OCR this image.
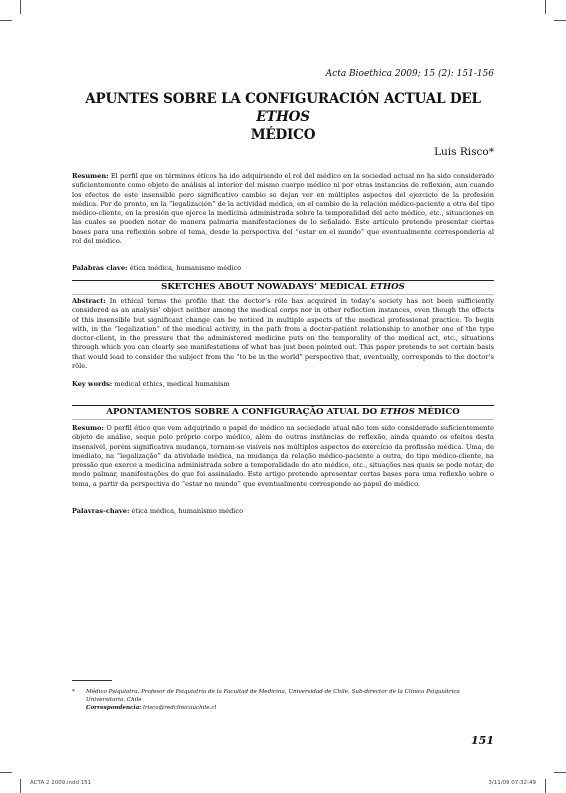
Acta Bioethica 2009; 15 (2): 151-156
APUNTES SOBRE LA CONFIGURACIÓN ACTUAL DEL ETHOS
MÉDICO
Luis Risco*
Resumen: El perfil que en términos éticos ha ido adquiriendo el rol del médico en la sociedad actual no ha sido considerado suficientemente como objeto de análisis al interior del mismo cuerpo médico ni por otras instancias de reflexión, aun cuando los efectos de este insensible pero significativo cambio se dejan ver en múltiples aspectos del ejercicio de la profesión médica. Por de pronto, en la “legalización” de la actividad médica, en el cambio de la relación médico-paciente a otra del tipo médico-cliente, en la presión que ejerce la medicina administrada sobre la temporalidad del acto médico, etc., situaciones en las cuales se pueden notar de manera palmaria manifestaciones de lo señalado. Este artículo pretende presentar ciertas bases para una reflexión sobre el tema, desde la perspectiva del “estar en el mundo” que eventualmente correspondería al rol del médico.
Palabras clave: ética médica, humanismo médico
SKETCHES ABOUT NOWADAYS’ MEDICAL ETHOS
Abstract: In ethical terms the profile that the doctor’s rôle has acquired in today’s society has not been sufficiently considered as an analysis’ object neither among the medical corps nor in other reflection instances, even though the effects of this insensible but significant change can be noticed in multiple aspects of the medical professional practice. To begin with, in the “legalization” of the medical activity, in the path from a doctor-patient relationship to another one of the type doctor-client, in the pressure that the administered medicine puts on the temporality of the medical act, etc., situations through which you can clearly see manifestations of what has just been pointed out. This paper pretends to set certain basis that would lead to consider the subject from the “to be in the world” perspective that, eventually, corresponds to the doctor’s rôle.
Key words: medical ethics, medical humanism
APONTAMENTOS SOBRE A CONFIGURAÇÃO ATUAL DO ETHOS MÉDICO
Resumo: O perfil ético que vem adquirindo o papel do médico na sociedade atual não tem sido considerado suficientemente objeto de análise, seque pelo próprio corpo médico, além de outras instâncias de reflexão, ainda quando os efeitos desta insensível, porém significativa mudança, tornam-se visíveis nos múltiplos aspectos do exercício da profissão médica. Uma, de imediato, na “legalização” da atividade médica, na mudança da relação médico-paciente a outra, do tipo médico-cliente, na pressão que exerce a medicina administrada sobre a temporalidade do ato médico, etc., situações nas quais se pode notar, de modo palmar, manifestações do que foi assinalado. Este artigo pretende apresentar certas bases para uma reflexão sobre o tema, a partir da perspectiva do “estar no mundo” que eventualmente corresponde ao papel do médico.
Palavras-chave: ética médica, humanismo médico
* Médico Psiquiatra. Profesor de Psiquiatría de la Facultad de Medicina, Universidad de Chile. Sub-director de la Clínica Psiquiátrica Universitaria. Chile
Correspondencia: lrisco@redclinicauchile.cl
151
ACTA 2 2009.indd 151	3/11/09 07:32:49
